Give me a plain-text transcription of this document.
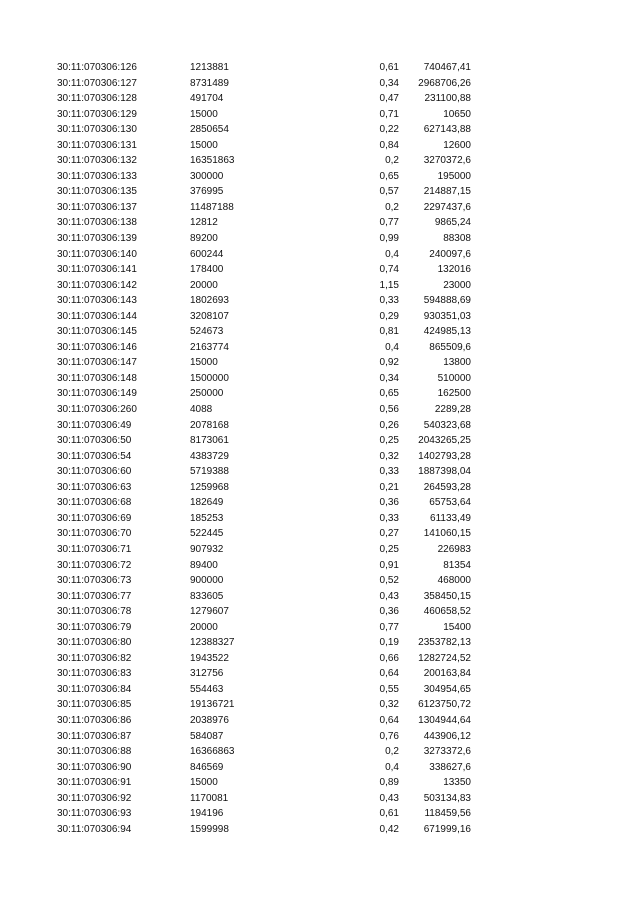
30:11:070306:126	1213881	0,61 740467,41
30:11:070306:127	8731489	0,34 2968706,26
30:11:070306:128	491704	0,47	231100,88
30:11:070306:129	15000	0,71	10650
30:11:070306:130	2850654	0,22 627143,88
30:11:070306:131	15000	0,84	12600
30:11:070306:132	16351863	0,2 3270372,6
30:11:070306:133	300000	0,65	195000
30:11:070306:135	376995	0,57 214887,15
30:11:070306:137	11487188	0,2 2297437,6
30:11:070306:138	12812	0,77	9865,24
30:11:070306:139	89200	0,99	88308
30:11:070306:140	600244	0,4	240097,6
30:11:070306:141	178400	0,74	132016
30:11:070306:142	20000	1,15	23000
30:11:070306:143	1802693	0,33 594888,69
30:11:070306:144	3208107	0,29 930351,03
30:11:070306:145	524673	0,81 424985,13
30:11:070306:146	2163774	0,4	865509,6
30:11:070306:147	15000	0,92	13800
30:11:070306:148	1500000	0,34	510000
30:11:070306:149	250000	0,65	162500
30:11:070306:260	4088	0,56	2289,28
30:11:070306:49	2078168	0,26 540323,68
30:11:070306:50	8173061	0,25 2043265,25
30:11:070306:54	4383729	0,32 1402793,28
30:11:070306:60	5719388	0,33 1887398,04
30:11:070306:63	1259968	0,21 264593,28
30:11:070306:68	182649	0,36	65753,64
30:11:070306:69	185253	0,33	61133,49
30:11:070306:70	522445	0,27 141060,15
30:11:070306:71	907932	0,25	226983
30:11:070306:72	89400	0,91	81354
30:11:070306:73	900000	0,52	468000
30:11:070306:77	833605	0,43 358450,15
30:11:070306:78	1279607	0,36 460658,52
30:11:070306:79	20000	0,77	15400
30:11:070306:80	12388327	0,19 2353782,13
30:11:070306:82	1943522	0,66 1282724,52
30:11:070306:83	312756	0,64 200163,84
30:11:070306:84	554463	0,55 304954,65
30:11:070306:85	19136721	0,32 6123750,72
30:11:070306:86	2038976	0,64 1304944,64
30:11:070306:87	584087	0,76 443906,12
30:11:070306:88	16366863	0,2 3273372,6
30:11:070306:90	846569	0,4	338627,6
30:11:070306:91	15000	0,89	13350
30:11:070306:92	1170081	0,43 503134,83
30:11:070306:93	194196	0,61	118459,56
30:11:070306:94	1599998	0,42 671999,16
